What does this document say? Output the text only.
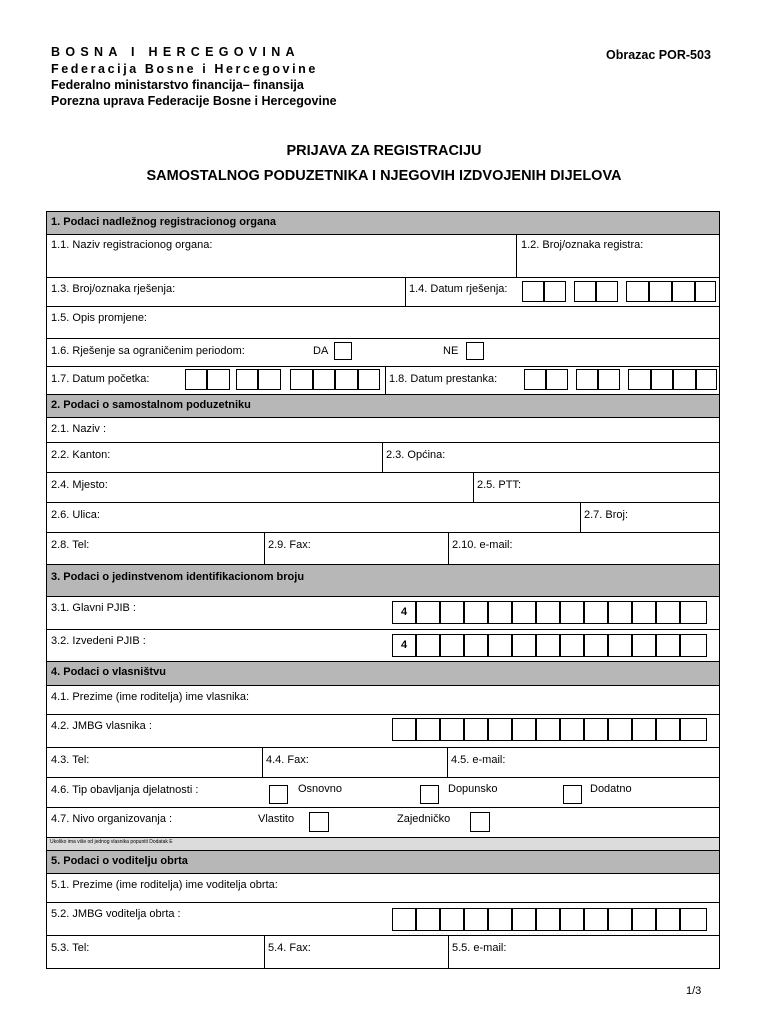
BOSNA I HERCEGOVINA
Federacija Bosne i Hercegovine
Federalno ministarstvo financija– finansija
Porezna uprava Federacije Bosne i Hercegovine
Obrazac POR-503
PRIJAVA ZA REGISTRACIJU
SAMOSTALNOG PODUZETNIKA I NJEGOVIH IZDVOJENIH DIJELOVA
1. Podaci nadležnog registracionog organa
1.1. Naziv registracionog organa:	1.2. Broj/oznaka registra:
1.3. Broj/oznaka rješenja:	1.4. Datum rješenja:
1.5. Opis promjene:
1.6. Rješenje sa ograničenim periodom:	DA	NE
1.7. Datum početka:	1.8. Datum prestanka:
2. Podaci o samostalnom poduzetniku
2.1. Naziv :
2.2. Kanton:	2.3. Općina:
2.4. Mjesto:	2.5. PTT:
2.6. Ulica:	2.7. Broj:
2.8. Tel:	2.9. Fax:	2.10. e-mail:
3. Podaci o jedinstvenom identifikacionom broju
3.1. Glavni PJIB :	4
3.2. Izvedeni PJIB :	4
4. Podaci o vlasništvu
4.1. Prezime (ime roditelja) ime vlasnika:
4.2. JMBG vlasnika :
4.3. Tel:	4.4. Fax:	4.5. e-mail:
4.6. Tip obavljanja djelatnosti :	Osnovno	Dopunsko	Dodatno
4.7. Nivo organizovanja :	Vlastito	Zajedničko
Ukoliko ima više od jednog vlasnika popuniti Dodatak E
5. Podaci o voditelju obrta
5.1. Prezime (ime roditelja) ime voditelja obrta:
5.2. JMBG voditelja obrta :
5.3. Tel:	5.4. Fax:	5.5. e-mail:
1/3
